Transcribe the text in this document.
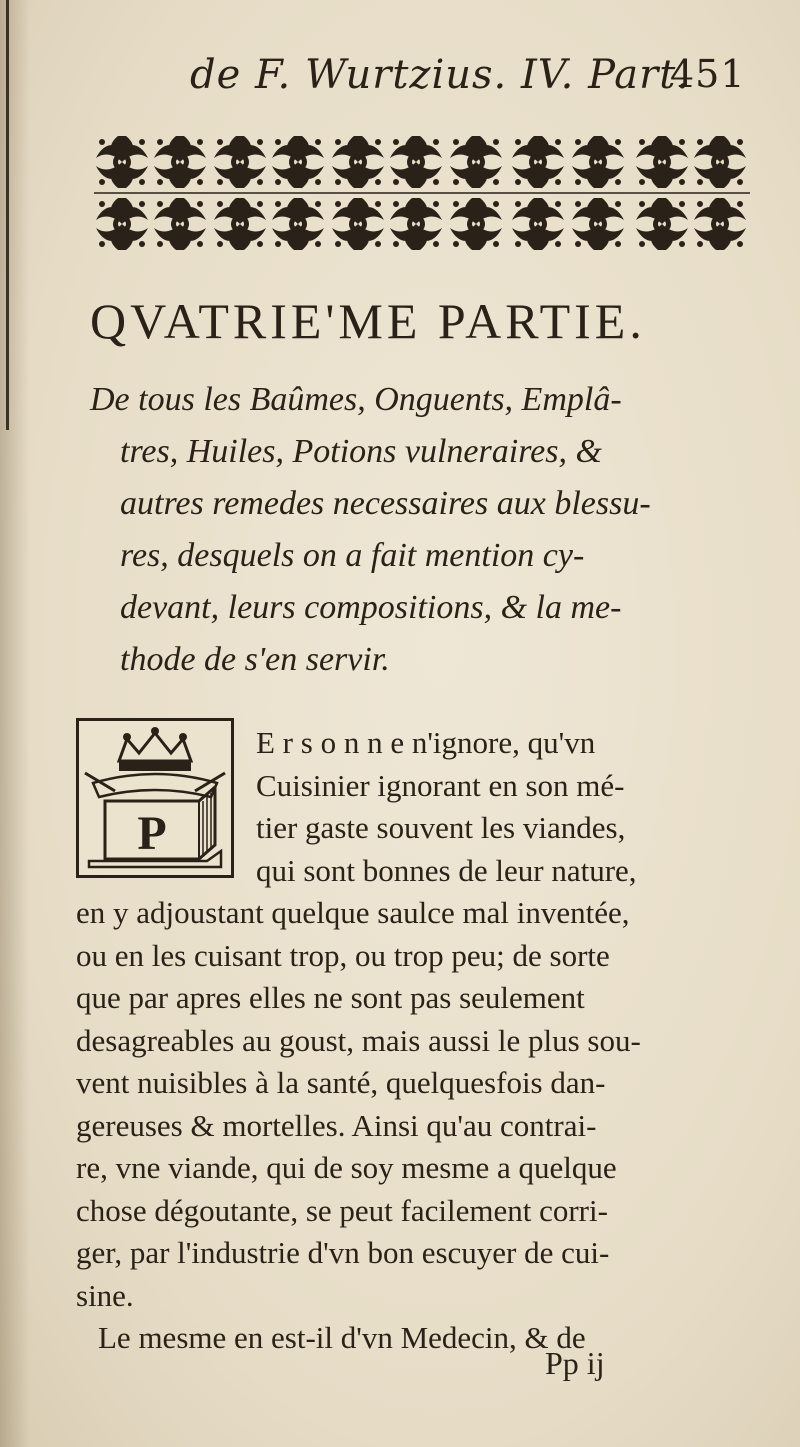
de F. Wurtzius. IV. Part.
451
QVATRIE'ME PARTIE.
De tous les Baûmes, Onguents, Emplâ-
tres, Huiles, Potions vulneraires, &
autres remedes necessaires aux blessu-
res, desquels on a fait mention cy-
devant, leurs compositions, & la me-
thode de s'en servir.
P
E r s o n n e n'ignore, qu'vn
Cuisinier ignorant en son mé-
tier gaste souvent les viandes,
qui sont bonnes de leur nature,
en y adjoustant quelque saulce mal inventée,
ou en les cuisant trop, ou trop peu; de sorte
que par apres elles ne sont pas seulement
desagreables au goust, mais aussi le plus sou-
vent nuisibles à la santé, quelquesfois dan-
gereuses & mortelles. Ainsi qu'au contrai-
re, vne viande, qui de soy mesme a quelque
chose dégoutante, se peut facilement corri-
ger, par l'industrie d'vn bon escuyer de cui-
sine.
Le mesme en est-il d'vn Medecin, & de
Pp ij
